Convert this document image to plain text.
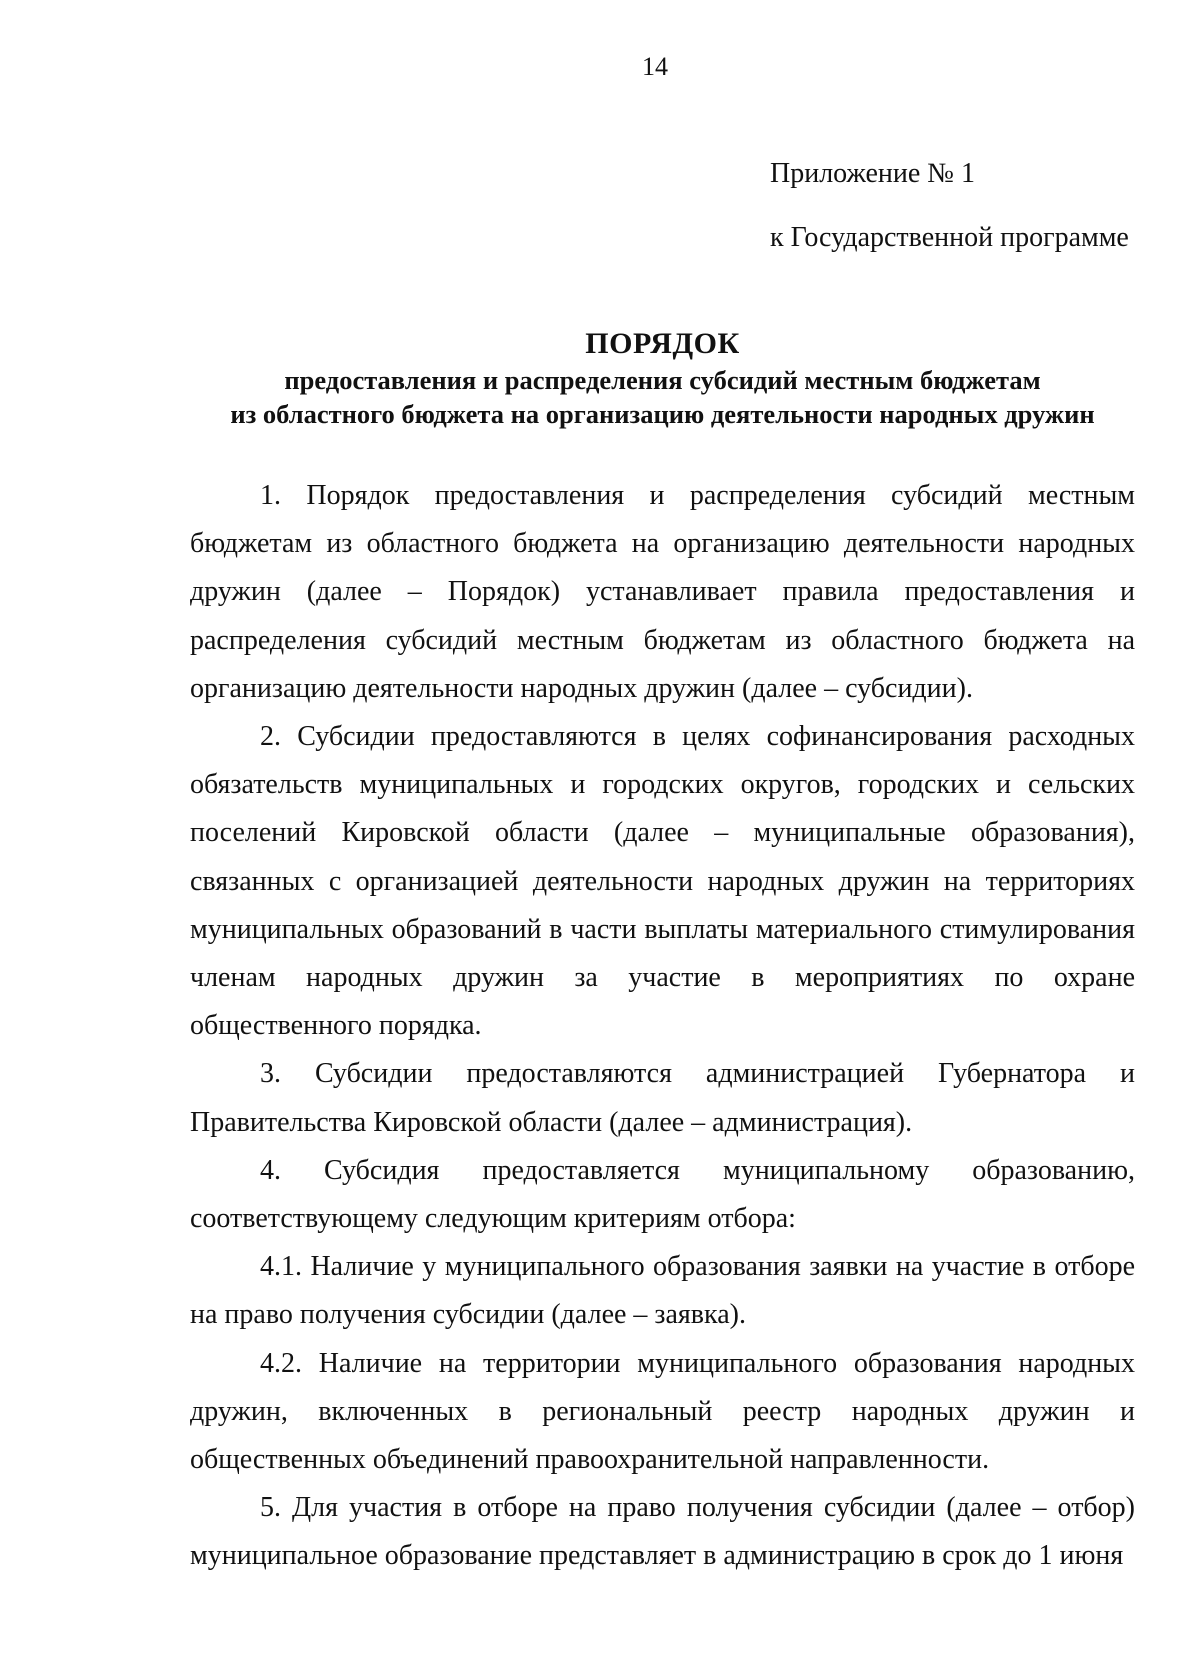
14
Приложение № 1
к Государственной программе
ПОРЯДОК
предоставления и распределения субсидий местным бюджетам
из областного бюджета на организацию деятельности народных дружин

1. Порядок предоставления и распределения субсидий местным бюджетам из областного бюджета на организацию деятельности народных дружин (далее – Порядок) устанавливает правила предоставления и распределения субсидий местным бюджетам из областного бюджета на организацию деятельности народных дружин (далее – субсидии).

2. Субсидии предоставляются в целях софинансирования расходных обязательств муниципальных и городских округов, городских и сельских поселений Кировской области (далее – муниципальные образования), связанных с организацией деятельности народных дружин на территориях муниципальных образований в части выплаты материального стимулирования членам народных дружин за участие в мероприятиях по охране общественного порядка.

3. Субсидии предоставляются администрацией Губернатора и Правительства Кировской области (далее – администрация).

4. Субсидия предоставляется муниципальному образованию, соответствующему следующим критериям отбора:

4.1. Наличие у муниципального образования заявки на участие в отборе на право получения субсидии (далее – заявка).

4.2. Наличие на территории муниципального образования народных дружин, включенных в региональный реестр народных дружин и общественных объединений правоохранительной направленности.

5. Для участия в отборе на право получения субсидии (далее – отбор) муниципальное образование представляет в администрацию в срок до 1 июня
